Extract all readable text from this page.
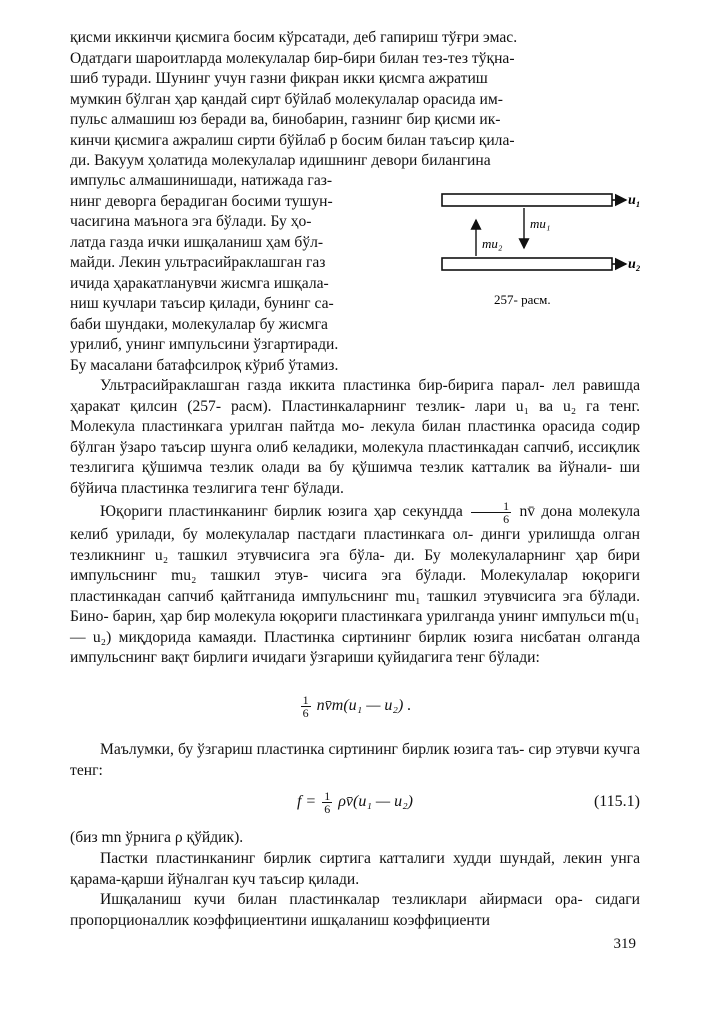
қисми иккинчи қисмига босим кўрсатади, деб гапириш тўғри эмас.

Одатдаги шароитларда молекулалар бир-бири билан тез-тез тўқна-

шиб туради. Шунинг учун газни фикран икки қисмга ажратиш

мумкин бўлган ҳар қандай сирт бўйлаб молекулалар орасида им-

пульс алмашиш юз беради ва, бинобарин, газнинг бир қисми ик-

кинчи қисмига ажралиш сирти бўйлаб p босим билан таъсир қила-

ди. Вакуум ҳолатида молекулалар идишнинг девори билангина

импульс алмашинишади, натижада газ-

нинг деворга берадиган босими тушун-

часигина маънога эга бўлади. Бу ҳо-

латда газда ички ишқаланиш ҳам бўл-

майди. Лекин ультрасийраклашган газ

ичида ҳаракатланувчи жисмга ишқала-

ниш кучлари таъсир қилади, бунинг са-

баби шундаки, молекулалар бу жисмга

урилиб, унинг импульсини ўзгартиради.

Бу масалани батафсилроқ кўриб ўтамиз.

u₁
u₂
mu₁
mu₂
257- расм.

Ультрасийраклашган газда иккита пластинка бир-бирига парал- лел равишда ҳаракат қилсин (257- расм). Пластинкаларнинг тезлик- лари u₁ ва u₂ га тенг. Молекула пластинкага урилган пайтда мо- лекула билан пластинка орасида содир бўлган ўзаро таъсир шунга олиб келадики, молекула пластинкадан сапчиб, иссиқлик тезлигига қўшимча тезлик олади ва бу қўшимча тезлик катталик ва йўнали- ши бўйича пластинка тезлигига тенг бўлади.

Юқориги пластинканинг бирлик юзига ҳар секундда $\frac{1}{6}$ nv̄ дона молекула келиб урилади, бу молекулалар пастдаги пластинкага ол- динги урилишда олган тезликнинг u₂ ташкил этувчисига эга бўла- ди. Бу молекулаларнинг ҳар бири импульснинг mu₂ ташкил этув- чисига эга бўлади. Молекулалар юқориги пластинкадан сапчиб қайтганида импульснинг mu₁ ташкил этувчисига эга бўлади. Бино- барин, ҳар бир молекула юқориги пластинкага урилганда унинг импульси m(u₁ — u₂) миқдорида камаяди. Пластинка сиртининг бирлик юзига нисбатан олганда импульснинг вақт бирлиги ичидаги ўзгариши қуйидагига тенг бўлади:

$\frac{1}{6}$ nv̄m(u₁ — u₂) .

Маълумки, бу ўзгариш пластинка сиртининг бирлик юзига таъ- сир этувчи кучга тенг:

$f = \frac{1}{6}$ ρv̄(u₁ — u₂)	(115.1)

(биз mn ўрнига ρ қўйдик).

Пастки пластинканинг бирлик сиртига катталиги худди шундай, лекин унга қарама-қарши йўналган куч таъсир қилади.

Ишқаланиш кучи билан пластинкалар тезликлари айирмаси ора- сидаги пропорционаллик коэффициентини ишқаланиш коэффициенти

319
